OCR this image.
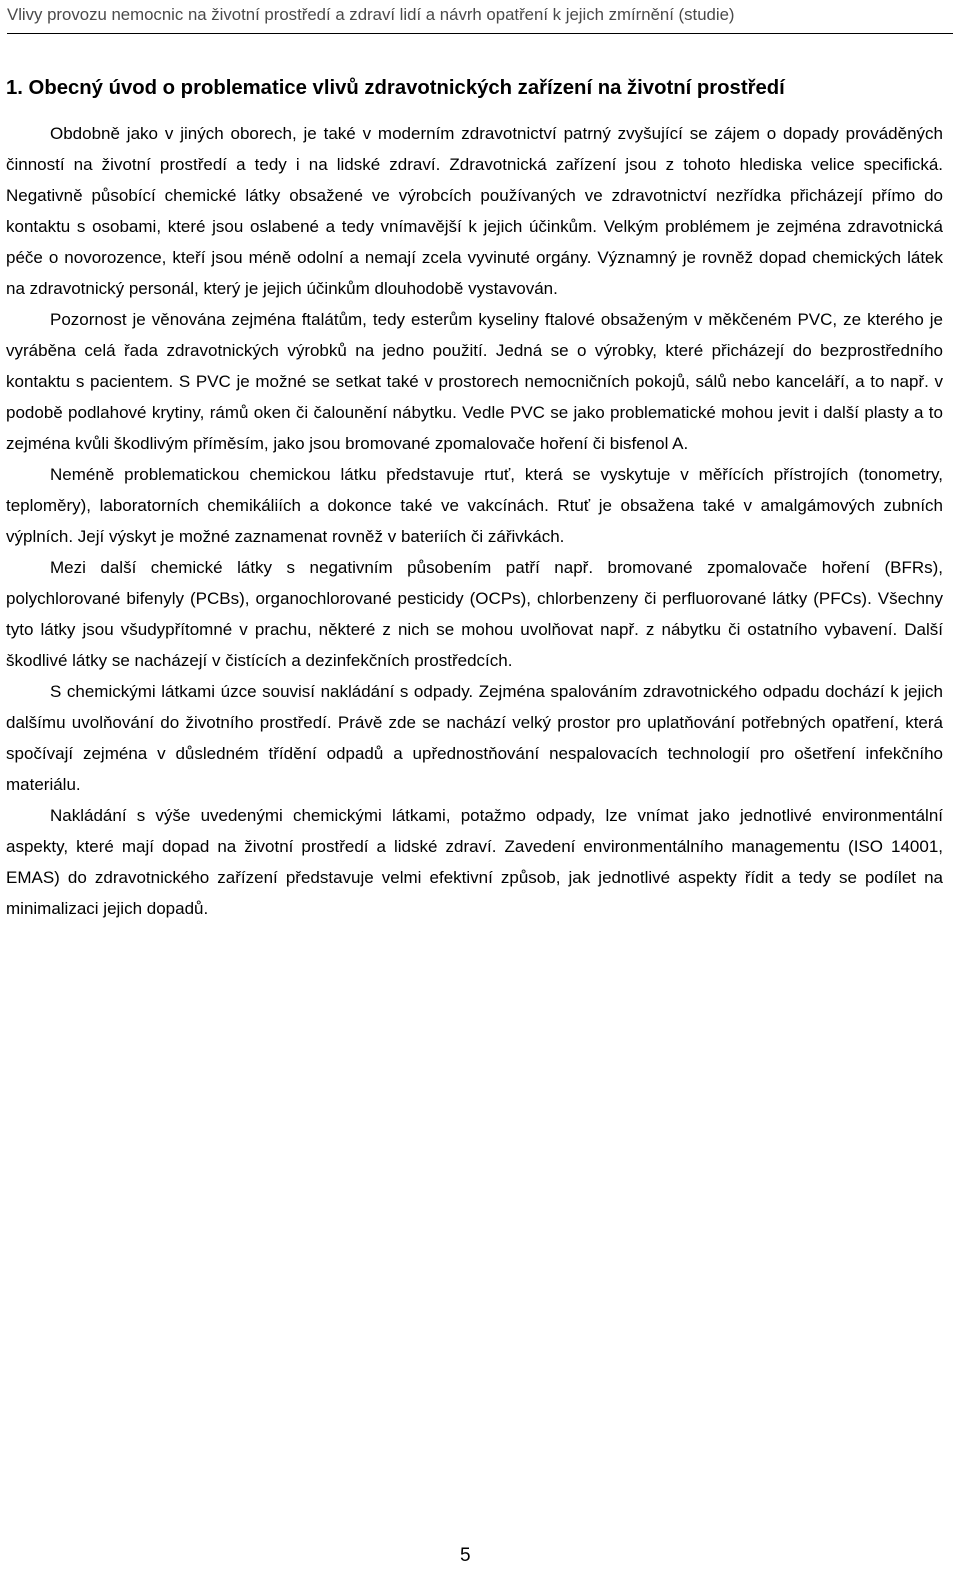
Vlivy provozu nemocnic na životní prostředí a zdraví lidí a návrh opatření k jejich zmírnění (studie)
1. Obecný úvod o problematice vlivů zdravotnických zařízení na životní prostředí

Obdobně jako v jiných oborech, je také v moderním zdravotnictví patrný zvyšující se zájem o dopady prováděných činností na životní prostředí a tedy i na lidské zdraví. Zdravotnická zařízení jsou z tohoto hlediska velice specifická. Negativně působící chemické látky obsažené ve výrobcích používaných ve zdravotnictví nezřídka přicházejí přímo do kontaktu s osobami, které jsou oslabené a tedy vnímavější k jejich účinkům. Velkým problémem je zejména zdravotnická péče o novorozence, kteří jsou méně odolní a nemají zcela vyvinuté orgány. Významný je rovněž dopad chemických látek na zdravotnický personál, který je jejich účinkům dlouhodobě vystavován.

Pozornost je věnována zejména ftalátům, tedy esterům kyseliny ftalové obsaženým v měkčeném PVC, ze kterého je vyráběna celá řada zdravotnických výrobků na jedno použití. Jedná se o výrobky, které přicházejí do bezprostředního kontaktu s pacientem. S PVC je možné se setkat také v prostorech nemocničních pokojů, sálů nebo kanceláří, a to např. v podobě podlahové krytiny, rámů oken či čalounění nábytku. Vedle PVC se jako problematické mohou jevit i další plasty a to zejména kvůli škodlivým příměsím, jako jsou bromované zpomalovače hoření či bisfenol A.

Neméně problematickou chemickou látku představuje rtuť, která se vyskytuje v měřících přístrojích (tonometry, teploměry), laboratorních chemikáliích a dokonce také ve vakcínách. Rtuť je obsažena také v amalgámových zubních výplních. Její výskyt je možné zaznamenat rovněž v bateriích či zářivkách.

Mezi další chemické látky s negativním působením patří např. bromované zpomalovače hoření (BFRs), polychlorované bifenyly (PCBs), organochlorované pesticidy (OCPs), chlorbenzeny či perfluorované látky (PFCs). Všechny tyto látky jsou všudypřítomné v prachu, některé z nich se mohou uvolňovat např. z nábytku či ostatního vybavení. Další škodlivé látky se nacházejí v čistících a dezinfekčních prostředcích.

S chemickými látkami úzce souvisí nakládání s odpady. Zejména spalováním zdravotnického odpadu dochází k jejich dalšímu uvolňování do životního prostředí. Právě zde se nachází velký prostor pro uplatňování potřebných opatření, která spočívají zejména v důsledném třídění odpadů a upřednostňování nespalovacích technologií pro ošetření infekčního materiálu.

Nakládání s výše uvedenými chemickými látkami, potažmo odpady, lze vnímat jako jednotlivé environmentální aspekty, které mají dopad na životní prostředí a lidské zdraví. Zavedení environmentálního managementu (ISO 14001, EMAS) do zdravotnického zařízení představuje velmi efektivní způsob, jak jednotlivé aspekty řídit a tedy se podílet na minimalizaci jejich dopadů.

5
